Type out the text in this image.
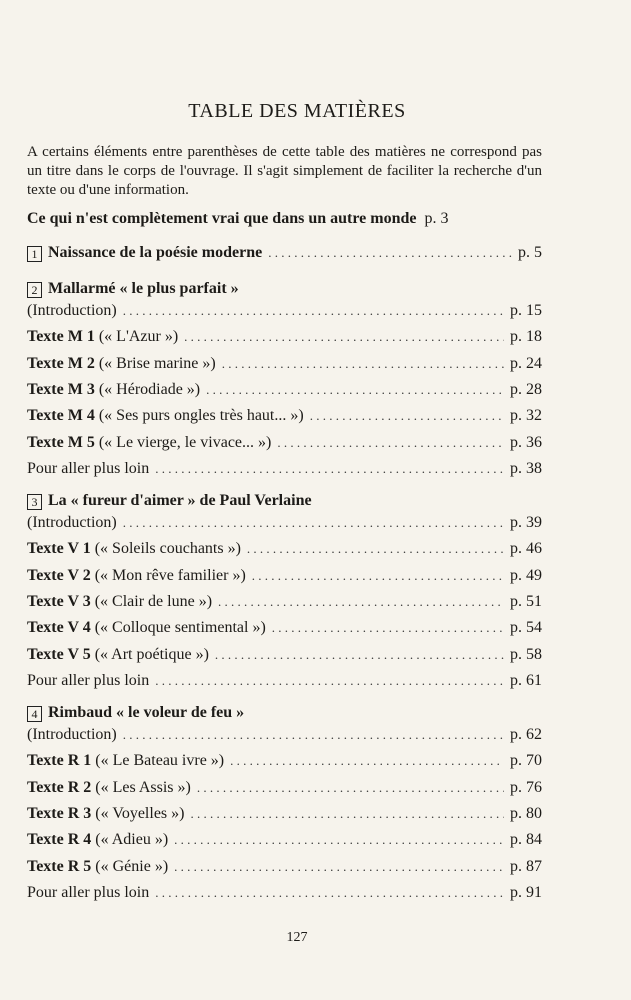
TABLE DES MATIÈRES
A certains éléments entre parenthèses de cette table des matières ne correspond pas un titre dans le corps de l'ouvrage. Il s'agit simplement de faciliter la recherche d'un texte ou d'une information.
Ce qui n'est complètement vrai que dans un autre monde p. 3
1 Naissance de la poésie moderne . . .	p. 5
2 Mallarmé « le plus parfait »
(Introduction) . . .	p. 15
Texte M 1 (« L'Azur ») . . .	p. 18
Texte M 2 (« Brise marine ») . . .	p. 24
Texte M 3 (« Hérodiade ») . . .	p. 28
Texte M 4 (« Ses purs ongles très haut... ») . . .	p. 32
Texte M 5 (« Le vierge, le vivace... ») . . .	p. 36
Pour aller plus loin . . .	p. 38
3 La « fureur d'aimer » de Paul Verlaine
(Introduction) . . .	p. 39
Texte V 1 (« Soleils couchants ») . . .	p. 46
Texte V 2 (« Mon rêve familier ») . . .	p. 49
Texte V 3 (« Clair de lune ») . . .	p. 51
Texte V 4 (« Colloque sentimental ») . . .	p. 54
Texte V 5 (« Art poétique ») . . .	p. 58
Pour aller plus loin . . .	p. 61
4 Rimbaud « le voleur de feu »
(Introduction) . . .	p. 62
Texte R 1 (« Le Bateau ivre ») . . .	p. 70
Texte R 2 (« Les Assis ») . . .	p. 76
Texte R 3 (« Voyelles ») . . .	p. 80
Texte R 4 (« Adieu ») . . .	p. 84
Texte R 5 (« Génie ») . . .	p. 87
Pour aller plus loin . . .	p. 91
127
